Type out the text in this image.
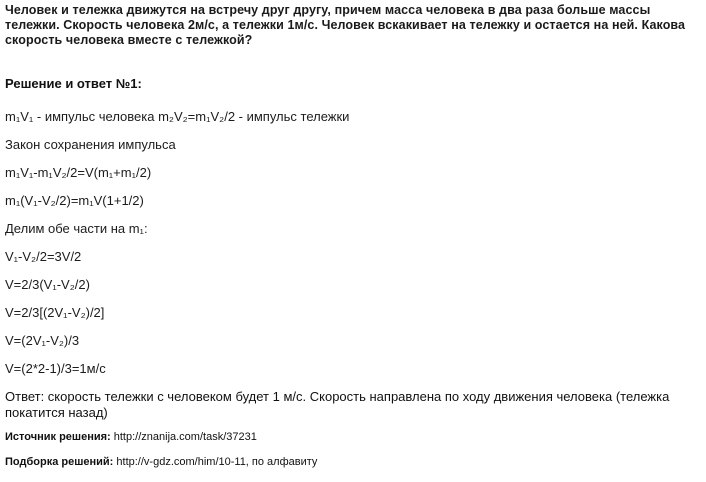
Человек и тележка движутся на встречу друг другу, причем масса человека в два раза больше массы тележки. Скорость человека 2м/с, а тележки 1м/с. Человек вскакивает на тележку и остается на ней. Какова скорость человека вместе с тележкой?
Решение и ответ №1:
m₁V₁ - импульс человека m₂V₂=m₁V₂/2 - импульс тележки
Закон сохранения импульса
m₁V₁-m₁V₂/2=V(m₁+m₁/2)
m₁(V₁-V₂/2)=m₁V(1+1/2)
Делим обе части на m₁:
V₁-V₂/2=3V/2
V=2/3(V₁-V₂/2)
V=2/3[(2V₁-V₂)/2]
V=(2V₁-V₂)/3
V=(2*2-1)/3=1м/с
Ответ: скорость тележки с человеком будет 1 м/с. Скорость направлена по ходу движения человека (тележка покатится назад)
Источник решения: http://znanija.com/task/37231
Подборка решений: http://v-gdz.com/him/10-11, по алфавиту
